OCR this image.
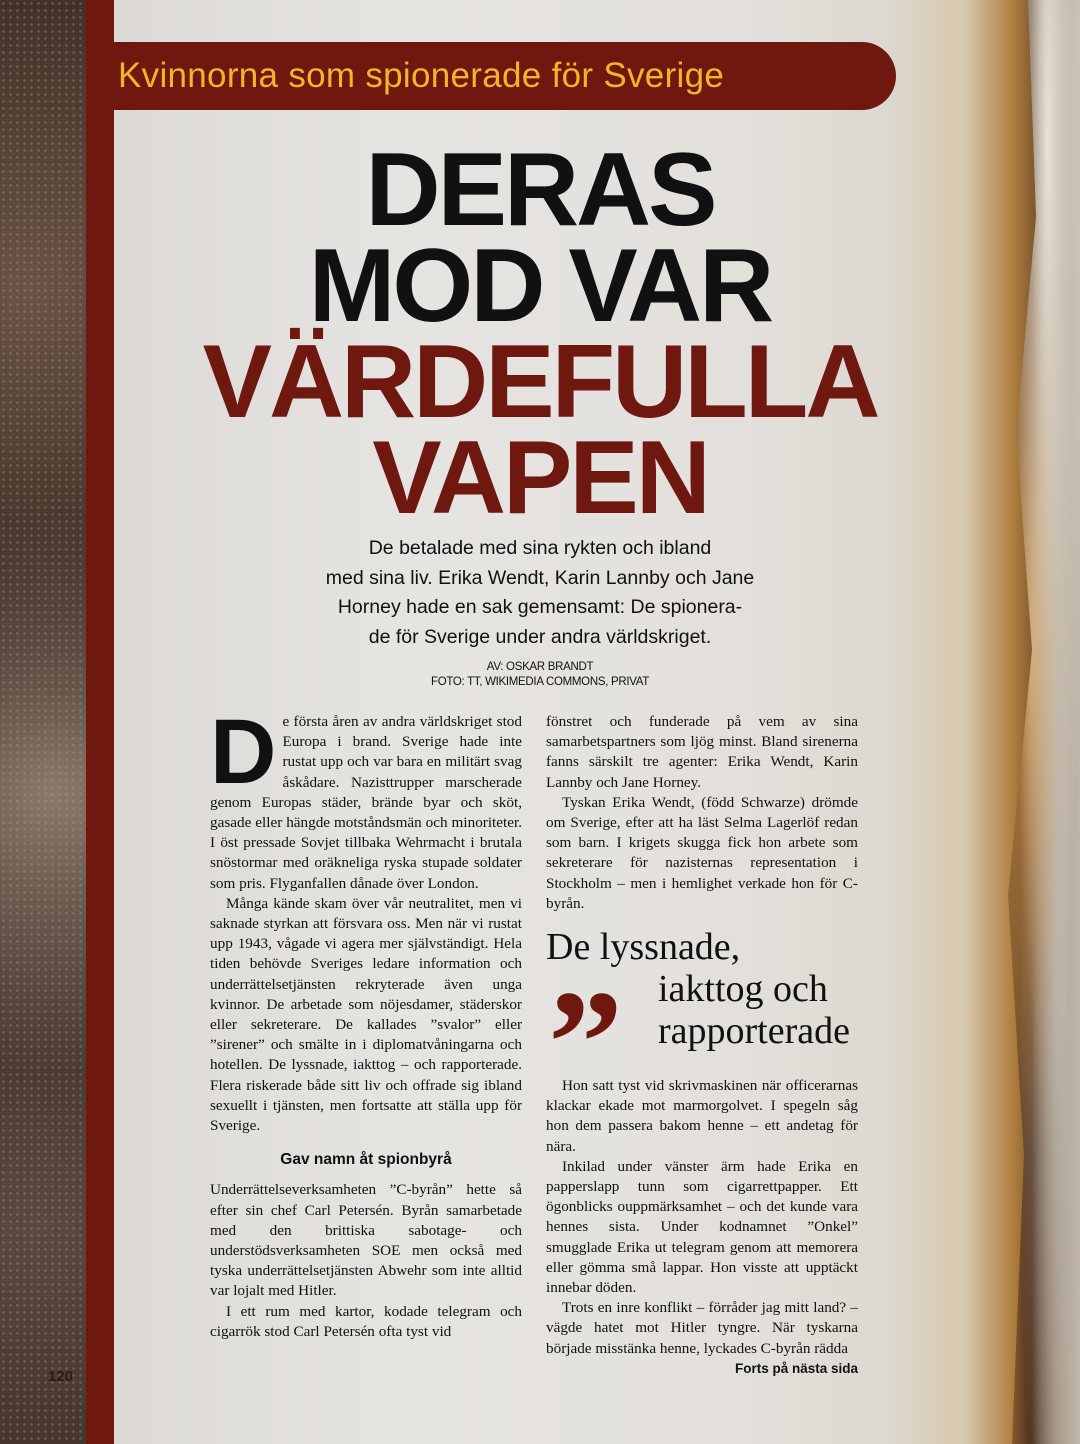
120
Kvinnorna som spionerade för Sverige
DERAS
MOD VAR
VÄRDEFULLA
VAPEN
De betalade med sina rykten och ibland
med sina liv. Erika Wendt, Karin Lannby och Jane
Horney hade en sak gemensamt: De spionera-
de för Sverige under andra världskriget.
AV: OSKAR BRANDT
FOTO: TT, WIKIMEDIA COMMONS, PRIVAT

De första åren av andra världskriget stod Europa i brand. Sverige hade inte rustat upp och var bara en militärt svag åskådare. Nazisttrupper marscherade genom Europas städer, brände byar och sköt, gasade eller hängde motståndsmän och minoriteter. I öst pressade Sovjet tillbaka Wehrmacht i brutala snöstormar med oräkneliga ryska stupade soldater som pris. Flyganfallen dånade över London.

Många kände skam över vår neutralitet, men vi saknade styrkan att försvara oss. Men när vi rustat upp 1943, vågade vi agera mer självständigt. Hela tiden behövde Sveriges ledare information och underrättelsetjänsten rekryterade även unga kvinnor. De arbetade som nöjesdamer, städerskor eller sekreterare. De kallades ”svalor” eller ”sirener” och smälte in i diplomatvåningarna och hotellen. De lyssnade, iakttog – och rapporterade. Flera riskerade både sitt liv och offrade sig ibland sexuellt i tjänsten, men fortsatte att ställa upp för Sverige.

Gav namn åt spionbyrå

Underrättelseverksamheten ”C-byrån” hette så efter sin chef Carl Petersén. Byrån samarbetade med den brittiska sabotage- och understödsverksamheten SOE men också med tyska underrättelsetjänsten Abwehr som inte alltid var lojalt med Hitler.

I ett rum med kartor, kodade telegram och cigarrök stod Carl Petersén ofta tyst vid

fönstret och funderade på vem av sina samarbetspartners som ljög minst. Bland sirenerna fanns särskilt tre agenter: Erika Wendt, Karin Lannby och Jane Horney.

Tyskan Erika Wendt, (född Schwarze) drömde om Sverige, efter att ha läst Selma Lagerlöf redan som barn. I krigets skugga fick hon arbete som sekreterare för nazisternas representation i Stockholm – men i hemlighet verkade hon för C-byrån.

De lyssnade,
” iakttog och
rapporterade

Hon satt tyst vid skrivmaskinen när officerarnas klackar ekade mot marmorgolvet. I spegeln såg hon dem passera bakom henne – ett andetag för nära.

Inkilad under vänster ärm hade Erika en papperslapp tunn som cigarrettpapper. Ett ögonblicks ouppmärksamhet – och det kunde vara hennes sista. Under kodnamnet ”Onkel” smugglade Erika ut telegram genom att memorera eller gömma små lappar. Hon visste att upptäckt innebar döden.

Trots en inre konflikt – förråder jag mitt land? – vägde hatet mot Hitler tyngre. När tyskarna började misstänka henne, lyckades C-byrån rädda
Forts på nästa sida
